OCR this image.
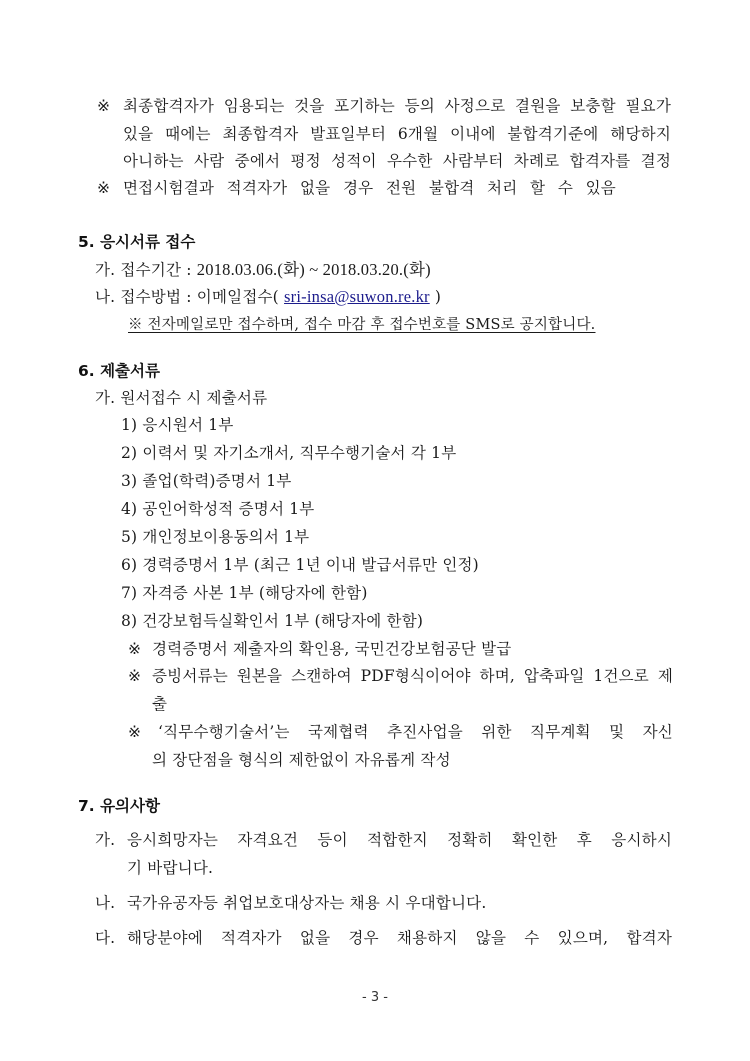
※ 최종합격자가 임용되는 것을 포기하는 등의 사정으로 결원을 보충할 필요가
있을 때에는 최종합격자 발표일부터 6개월 이내에 불합격기준에 해당하지
아니하는 사람 중에서 평정 성적이 우수한 사람부터 차례로 합격자를 결정
※ 면접시험결과 적격자가 없을 경우 전원 불합격 처리 할 수 있음
5. 응시서류 접수
가. 접수기간 : 2018.03.06.(화) ~ 2018.03.20.(화)
나. 접수방법 : 이메일접수( sri-insa@suwon.re.kr )
※ 전자메일로만 접수하며, 접수 마감 후 접수번호를 SMS로 공지합니다.
6. 제출서류
가. 원서접수 시 제출서류
1) 응시원서 1부
2) 이력서 및 자기소개서, 직무수행기술서 각 1부
3) 졸업(학력)증명서 1부
4) 공인어학성적 증명서 1부
5) 개인정보이용동의서 1부
6) 경력증명서 1부 (최근 1년 이내 발급서류만 인정)
7) 자격증 사본 1부 (해당자에 한함)
8) 건강보험득실확인서 1부 (해당자에 한함)
※ 경력증명서 제출자의 확인용, 국민건강보험공단 발급
※ 증빙서류는 원본을 스캔하여 PDF형식이어야 하며, 압축파일 1건으로 제
출
※ ‘직무수행기술서’는 국제협력 추진사업을 위한 직무계획 및 자신
의 장단점을 형식의 제한없이 자유롭게 작성
7. 유의사항
가. 응시희망자는 자격요건 등이 적합한지 정확히 확인한 후 응시하시
기 바랍니다.
나. 국가유공자등 취업보호대상자는 채용 시 우대합니다.
다. 해당분야에 적격자가 없을 경우 채용하지 않을 수 있으며, 합격자
- 3 -
